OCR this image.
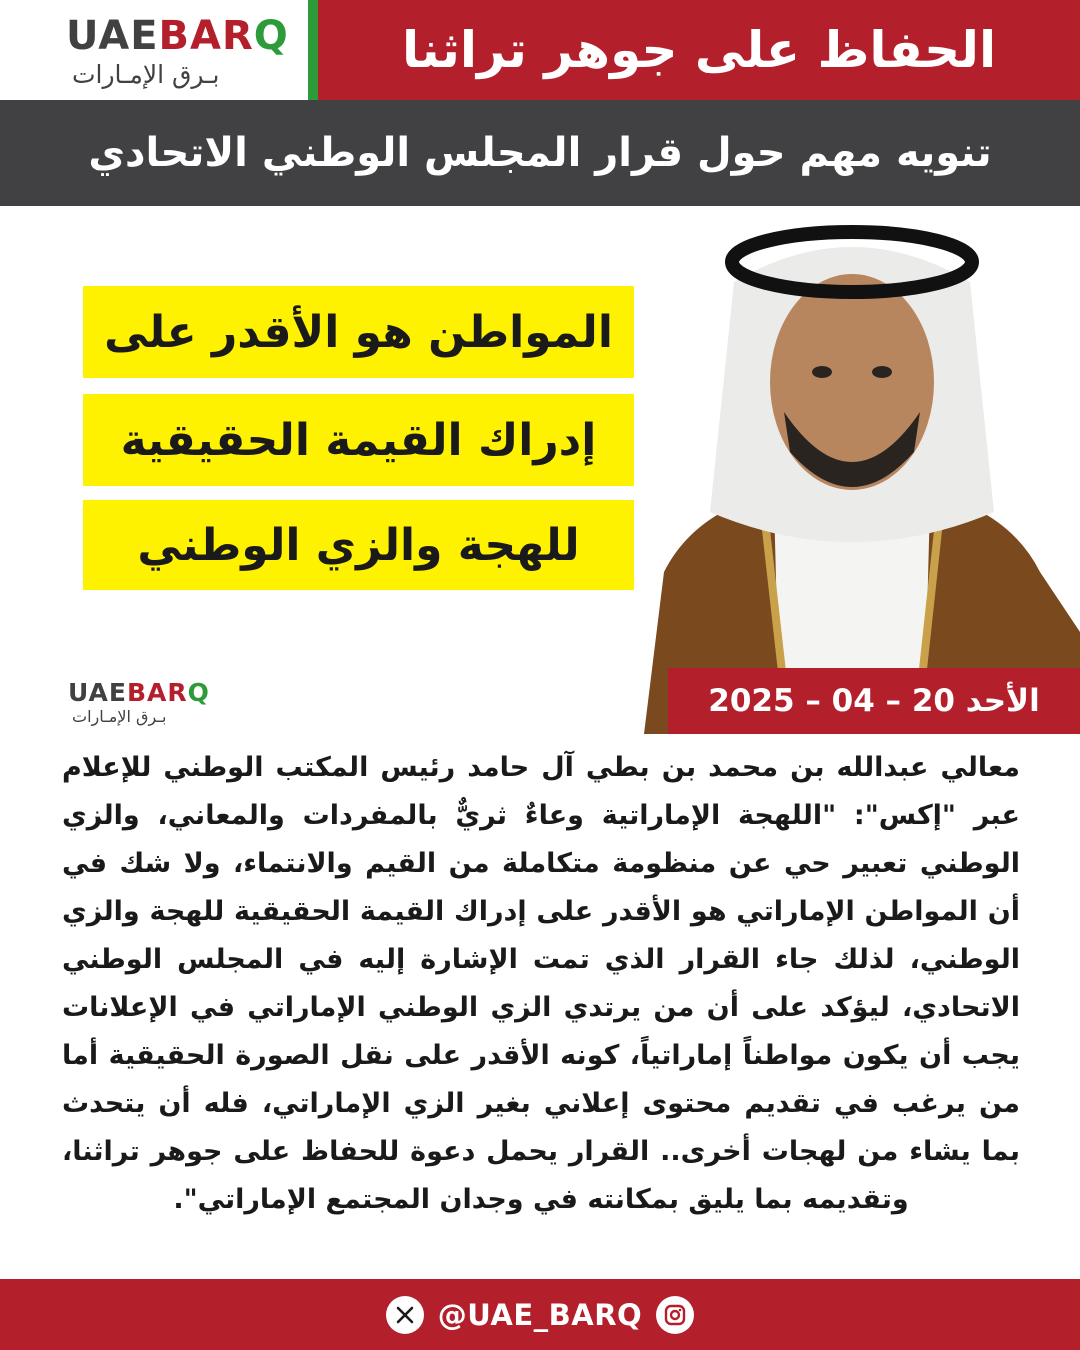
UAE BAR Q
بـرق الإمـارات	الحفاظ على جوهر تراثنا
تنويه مهم حول قرار المجلس الوطني الاتحادي
المواطن هو الأقدر على
إدراك القيمة الحقيقية
للهجة والزي الوطني
UAE BAR Q
بـرق الإمـارات	الأحد 20 – 04 – 2025

معالي عبدالله بن محمد بن بطي آل حامد رئيس المكتب الوطني للإعلام عبر "إكس": "اللهجة الإماراتية وعاءٌ ثريٌّ بالمفردات والمعاني، والزي الوطني تعبير حي عن منظومة متكاملة من القيم والانتماء، ولا شك في أن المواطن الإماراتي هو الأقدر على إدراك القيمة الحقيقية للهجة والزي الوطني، لذلك جاء القرار الذي تمت الإشارة إليه في المجلس الوطني الاتحادي، ليؤكد على أن من يرتدي الزي الوطني الإماراتي في الإعلانات يجب أن يكون مواطناً إماراتياً، كونه الأقدر على نقل الصورة الحقيقية أما من يرغب في تقديم محتوى إعلاني بغير الزي الإماراتي، فله أن يتحدث بما يشاء من لهجات أخرى.. القرار يحمل دعوة للحفاظ على جوهر تراثنا، وتقديمه بما يليق بمكانته في وجدان المجتمع الإماراتي".

@UAE_BARQ
